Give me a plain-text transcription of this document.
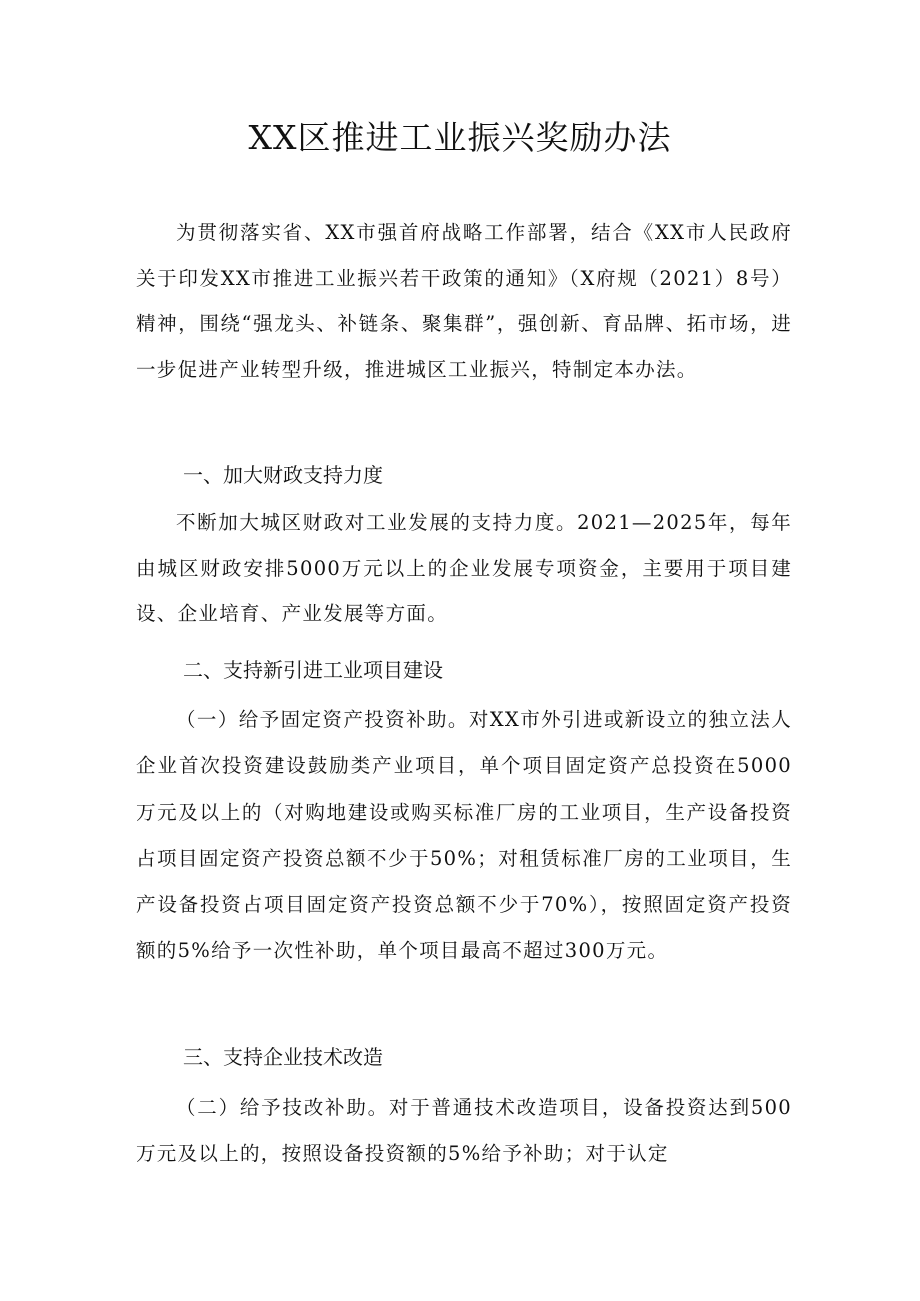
XX区推进工业振兴奖励办法

为贯彻落实省、XX市强首府战略工作部署，结合《XX市人民政府关于印发XX市推进工业振兴若干政策的通知》（X府规（2021）8号）精神，围绕“强龙头、补链条、聚集群”，强创新、育品牌、拓市场，进一步促进产业转型升级，推进城区工业振兴，特制定本办法。

一、加大财政支持力度

不断加大城区财政对工业发展的支持力度。2021—2025年，每年由城区财政安排5000万元以上的企业发展专项资金，主要用于项目建设、企业培育、产业发展等方面。

二、支持新引进工业项目建设

（一）给予固定资产投资补助。对XX市外引进或新设立的独立法人企业首次投资建设鼓励类产业项目，单个项目固定资产总投资在5000万元及以上的（对购地建设或购买标准厂房的工业项目，生产设备投资占项目固定资产投资总额不少于50%；对租赁标准厂房的工业项目，生产设备投资占项目固定资产投资总额不少于70%），按照固定资产投资额的5%给予一次性补助，单个项目最高不超过300万元。

三、支持企业技术改造

（二）给予技改补助。对于普通技术改造项目，设备投资达到500万元及以上的，按照设备投资额的5%给予补助；对于认定
